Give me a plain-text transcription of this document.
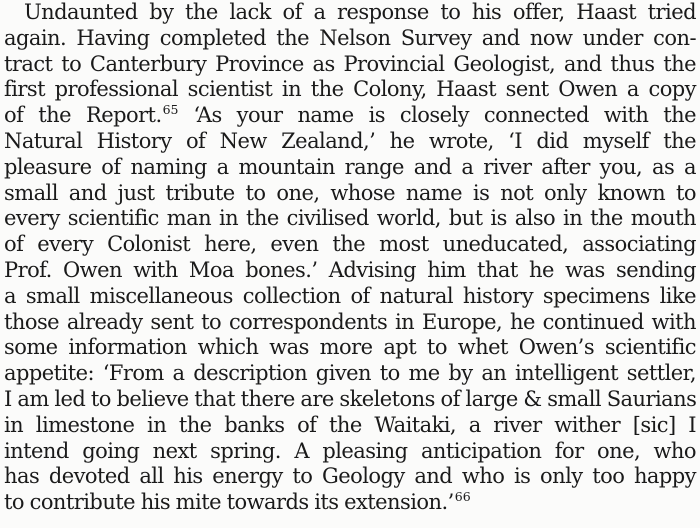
Undaunted by the lack of a response to his offer, Haast tried
again. Having completed the Nelson Survey and now under con-
tract to Canterbury Province as Provincial Geologist, and thus the
first professional scientist in the Colony, Haast sent Owen a copy
of the Report.$^{65}$ ‘As your name is closely connected with the
Natural History of New Zealand,’ he wrote, ‘I did myself the
pleasure of naming a mountain range and a river after you, as a
small and just tribute to one, whose name is not only known to
every scientific man in the civilised world, but is also in the mouth
of every Colonist here, even the most uneducated, associating
Prof. Owen with Moa bones.’ Advising him that he was sending
a small miscellaneous collection of natural history specimens like
those already sent to correspondents in Europe, he continued with
some information which was more apt to whet Owen’s scientific
appetite: ‘From a description given to me by an intelligent settler,
I am led to believe that there are skeletons of large & small Saurians
in limestone in the banks of the Waitaki, a river wither [sic] I
intend going next spring. A pleasing anticipation for one, who
has devoted all his energy to Geology and who is only too happy
to contribute his mite towards its extension.’$^{66}$
